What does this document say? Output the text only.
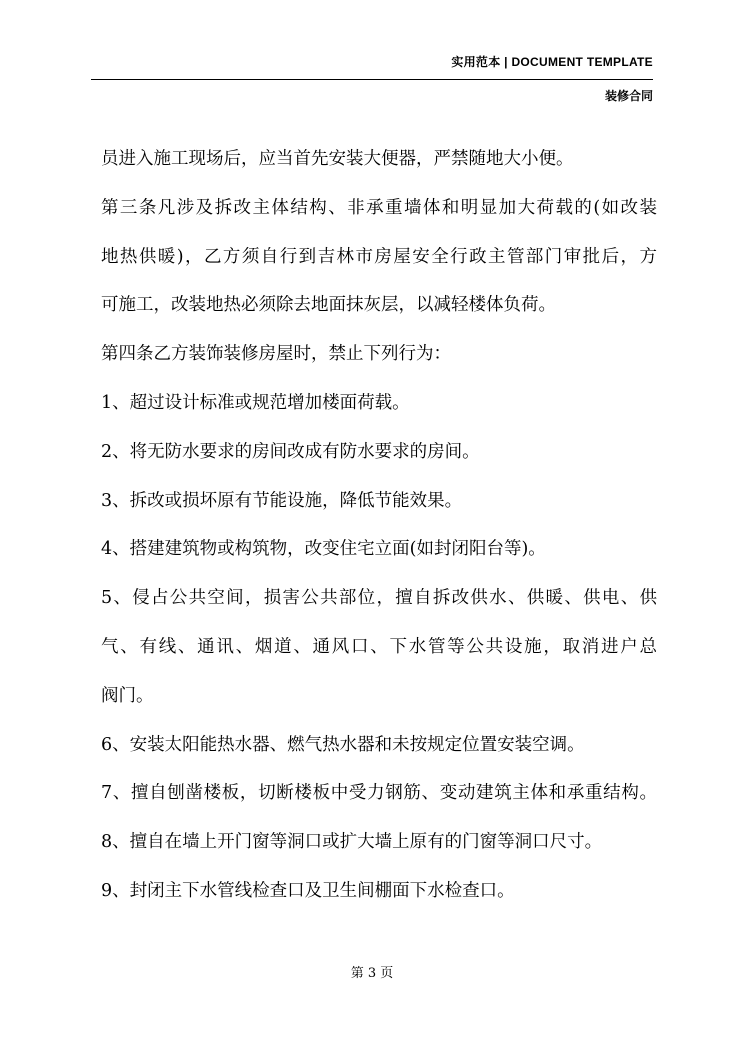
实用范本 | DOCUMENT TEMPLATE
装修合同
员进入施工现场后，应当首先安装大便器，严禁随地大小便。
第三条凡涉及拆改主体结构、非承重墙体和明显加大荷载的(如改装
地热供暖)，乙方须自行到吉林市房屋安全行政主管部门审批后，方
可施工，改装地热必须除去地面抹灰层，以减轻楼体负荷。
第四条乙方装饰装修房屋时，禁止下列行为：
1、超过设计标准或规范增加楼面荷载。
2、将无防水要求的房间改成有防水要求的房间。
3、拆改或损坏原有节能设施，降低节能效果。
4、搭建建筑物或构筑物，改变住宅立面(如封闭阳台等)。
5、侵占公共空间，损害公共部位，擅自拆改供水、供暖、供电、供
气、有线、通讯、烟道、通风口、下水管等公共设施，取消进户总
阀门。
6、安装太阳能热水器、燃气热水器和未按规定位置安装空调。
7、擅自刨凿楼板，切断楼板中受力钢筋、变动建筑主体和承重结构。
8、擅自在墙上开门窗等洞口或扩大墙上原有的门窗等洞口尺寸。
9、封闭主下水管线检查口及卫生间棚面下水检查口。
第 3 页
